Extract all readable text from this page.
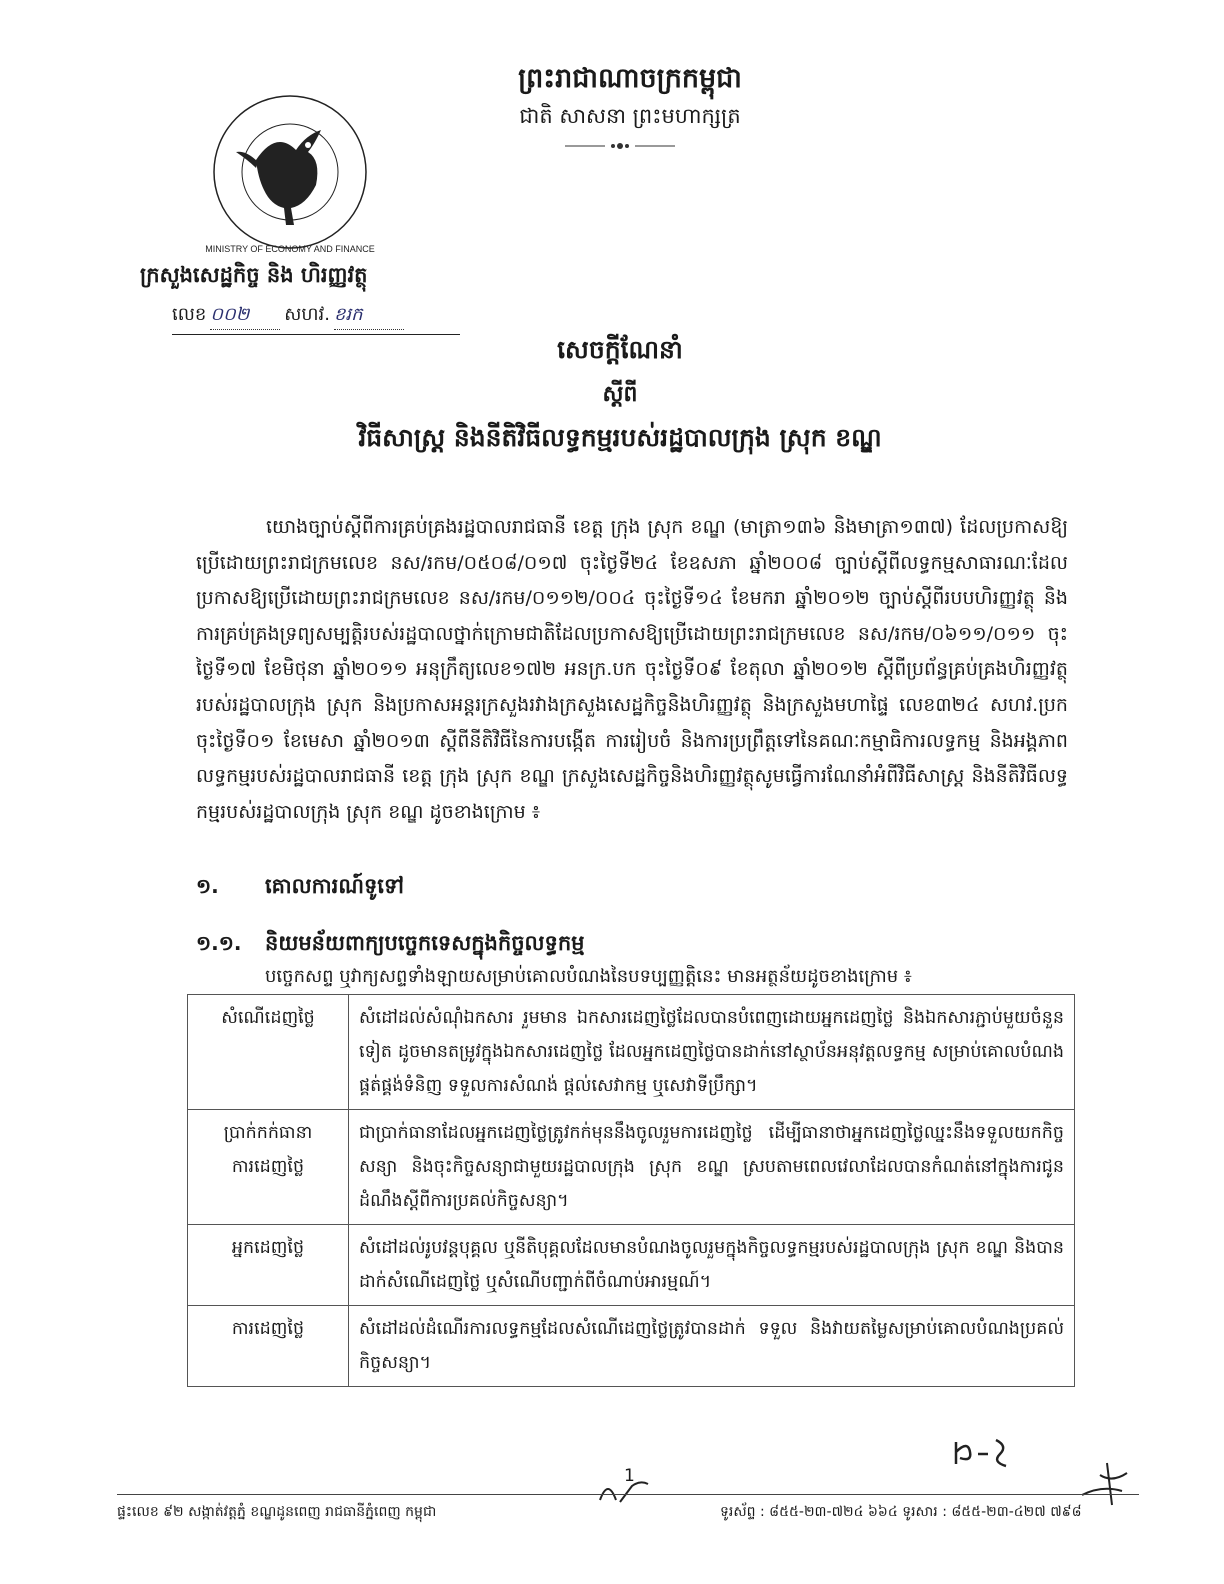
MINISTRY OF ECONOMY AND FINANCE
ព្រះរាជាណាចក្រកម្ពុជា
ជាតិ សាសនា ព្រះមហាក្សត្រ
ក្រសួងសេដ្ឋកិច្ច និង ហិរញ្ញវត្ថុ
លេខ ០០២ សហវ. ខរក
សេចក្ដីណែនាំ
ស្ដីពី
វិធីសាស្ត្រ និងនីតិវិធីលទ្ធកម្មរបស់រដ្ឋបាលក្រុង ស្រុក ខណ្ឌ

យោងច្បាប់ស្ដីពីការគ្រប់គ្រងរដ្ឋបាលរាជធានី ខេត្ត ក្រុង ស្រុក ខណ្ឌ (មាត្រា១៣៦ និងមាត្រា១៣៧) ដែលប្រកាសឱ្យប្រើដោយព្រះរាជក្រមលេខ នស/រកម/០៥០៨/០១៧ ចុះថ្ងៃទី២៤ ខែឧសភា ឆ្នាំ២០០៨ ច្បាប់ស្ដីពីលទ្ធកម្មសាធារណៈដែលប្រកាសឱ្យប្រើដោយព្រះរាជក្រមលេខ នស/រកម/០១១២/០០៤ ចុះថ្ងៃទី១៤ ខែមករា ឆ្នាំ២០១២ ច្បាប់ស្ដីពីរបបហិរញ្ញវត្ថុ និងការគ្រប់គ្រងទ្រព្យសម្បត្តិរបស់រដ្ឋបាលថ្នាក់ក្រោមជាតិដែលប្រកាសឱ្យប្រើដោយព្រះរាជក្រមលេខ នស/រកម/០៦១១/០១១ ចុះថ្ងៃទី១៧ ខែមិថុនា ឆ្នាំ២០១១ អនុក្រឹត្យលេខ១៧២ អនក្រ.បក ចុះថ្ងៃទី០៩ ខែតុលា ឆ្នាំ២០១២ ស្ដីពីប្រព័ន្ធគ្រប់គ្រងហិរញ្ញវត្ថុរបស់រដ្ឋបាលក្រុង ស្រុក និងប្រកាសអន្តរក្រសួងរវាងក្រសួងសេដ្ឋកិច្ចនិងហិរញ្ញវត្ថុ និងក្រសួងមហាផ្ទៃ លេខ៣២៤ សហវ.ប្រក ចុះថ្ងៃទី០១ ខែមេសា ឆ្នាំ២០១៣ ស្ដីពីនីតិវិធីនៃការបង្កើត ការរៀបចំ និងការប្រព្រឹត្តទៅនៃគណៈកម្មាធិការលទ្ធកម្ម និងអង្គភាពលទ្ធកម្មរបស់រដ្ឋបាលរាជធានី ខេត្ត ក្រុង ស្រុក ខណ្ឌ ក្រសួងសេដ្ឋកិច្ចនិងហិរញ្ញវត្ថុសូមធ្វើការណែនាំអំពីវិធីសាស្ត្រ និងនីតិវិធីលទ្ធកម្មរបស់រដ្ឋបាលក្រុង ស្រុក ខណ្ឌ ដូចខាងក្រោម ៖

១. គោលការណ៍ទូទៅ
១.១. និយមន័យពាក្យបច្ចេកទេសក្នុងកិច្ចលទ្ធកម្ម
បច្ចេកសព្ទ ឬវាក្យសព្ទទាំងឡាយសម្រាប់គោលបំណងនៃបទប្បញ្ញត្តិនេះ មានអត្ថន័យដូចខាងក្រោម ៖
សំណើដេញថ្លៃ	សំដៅដល់សំណុំឯកសារ រួមមាន ឯកសារដេញថ្លៃដែលបានបំពេញដោយអ្នកដេញថ្លៃ និងឯកសារភ្ជាប់មួយចំនួនទៀត ដូចមានតម្រូវក្នុងឯកសារដេញថ្លៃ ដែលអ្នកដេញថ្លៃបានដាក់នៅស្ថាប័នអនុវត្តលទ្ធកម្ម សម្រាប់គោលបំណងផ្គត់ផ្គង់ទំនិញ ទទួលការសំណង់ ផ្ដល់សេវាកម្ម ឬសេវាទីប្រឹក្សា។
ប្រាក់កក់ធានាការដេញថ្លៃ	ជាប្រាក់ធានាដែលអ្នកដេញថ្លៃត្រូវកក់មុននឹងចូលរួមការដេញថ្លៃ ដើម្បីធានាថាអ្នកដេញថ្លៃឈ្នះនឹងទទួលយកកិច្ចសន្យា និងចុះកិច្ចសន្យាជាមួយរដ្ឋបាលក្រុង ស្រុក ខណ្ឌ ស្របតាមពេលវេលាដែលបានកំណត់នៅក្នុងការជូនដំណឹងស្ដីពីការប្រគល់កិច្ចសន្យា។
អ្នកដេញថ្លៃ	សំដៅដល់រូបវន្តបុគ្គល ឬនីតិបុគ្គលដែលមានបំណងចូលរួមក្នុងកិច្ចលទ្ធកម្មរបស់រដ្ឋបាលក្រុង ស្រុក ខណ្ឌ និងបានដាក់សំណើដេញថ្លៃ ឬសំណើបញ្ជាក់ពីចំណាប់អារម្មណ៍។
ការដេញថ្លៃ	សំដៅដល់ដំណើរការលទ្ធកម្មដែលសំណើដេញថ្លៃត្រូវបានដាក់ ទទួល និងវាយតម្លៃសម្រាប់គោលបំណងប្រគល់កិច្ចសន្យា។
1
ផ្ទះលេខ ៩២ សង្កាត់វត្តភ្នំ ខណ្ឌដូនពេញ រាជធានីភ្នំពេញ កម្ពុជា	ទូរស័ព្ទ : ៨៥៥-២៣-៧២៤ ៦៦៤ ទូរសារ : ៨៥៥-២៣-៤២៧ ៧៩៨
